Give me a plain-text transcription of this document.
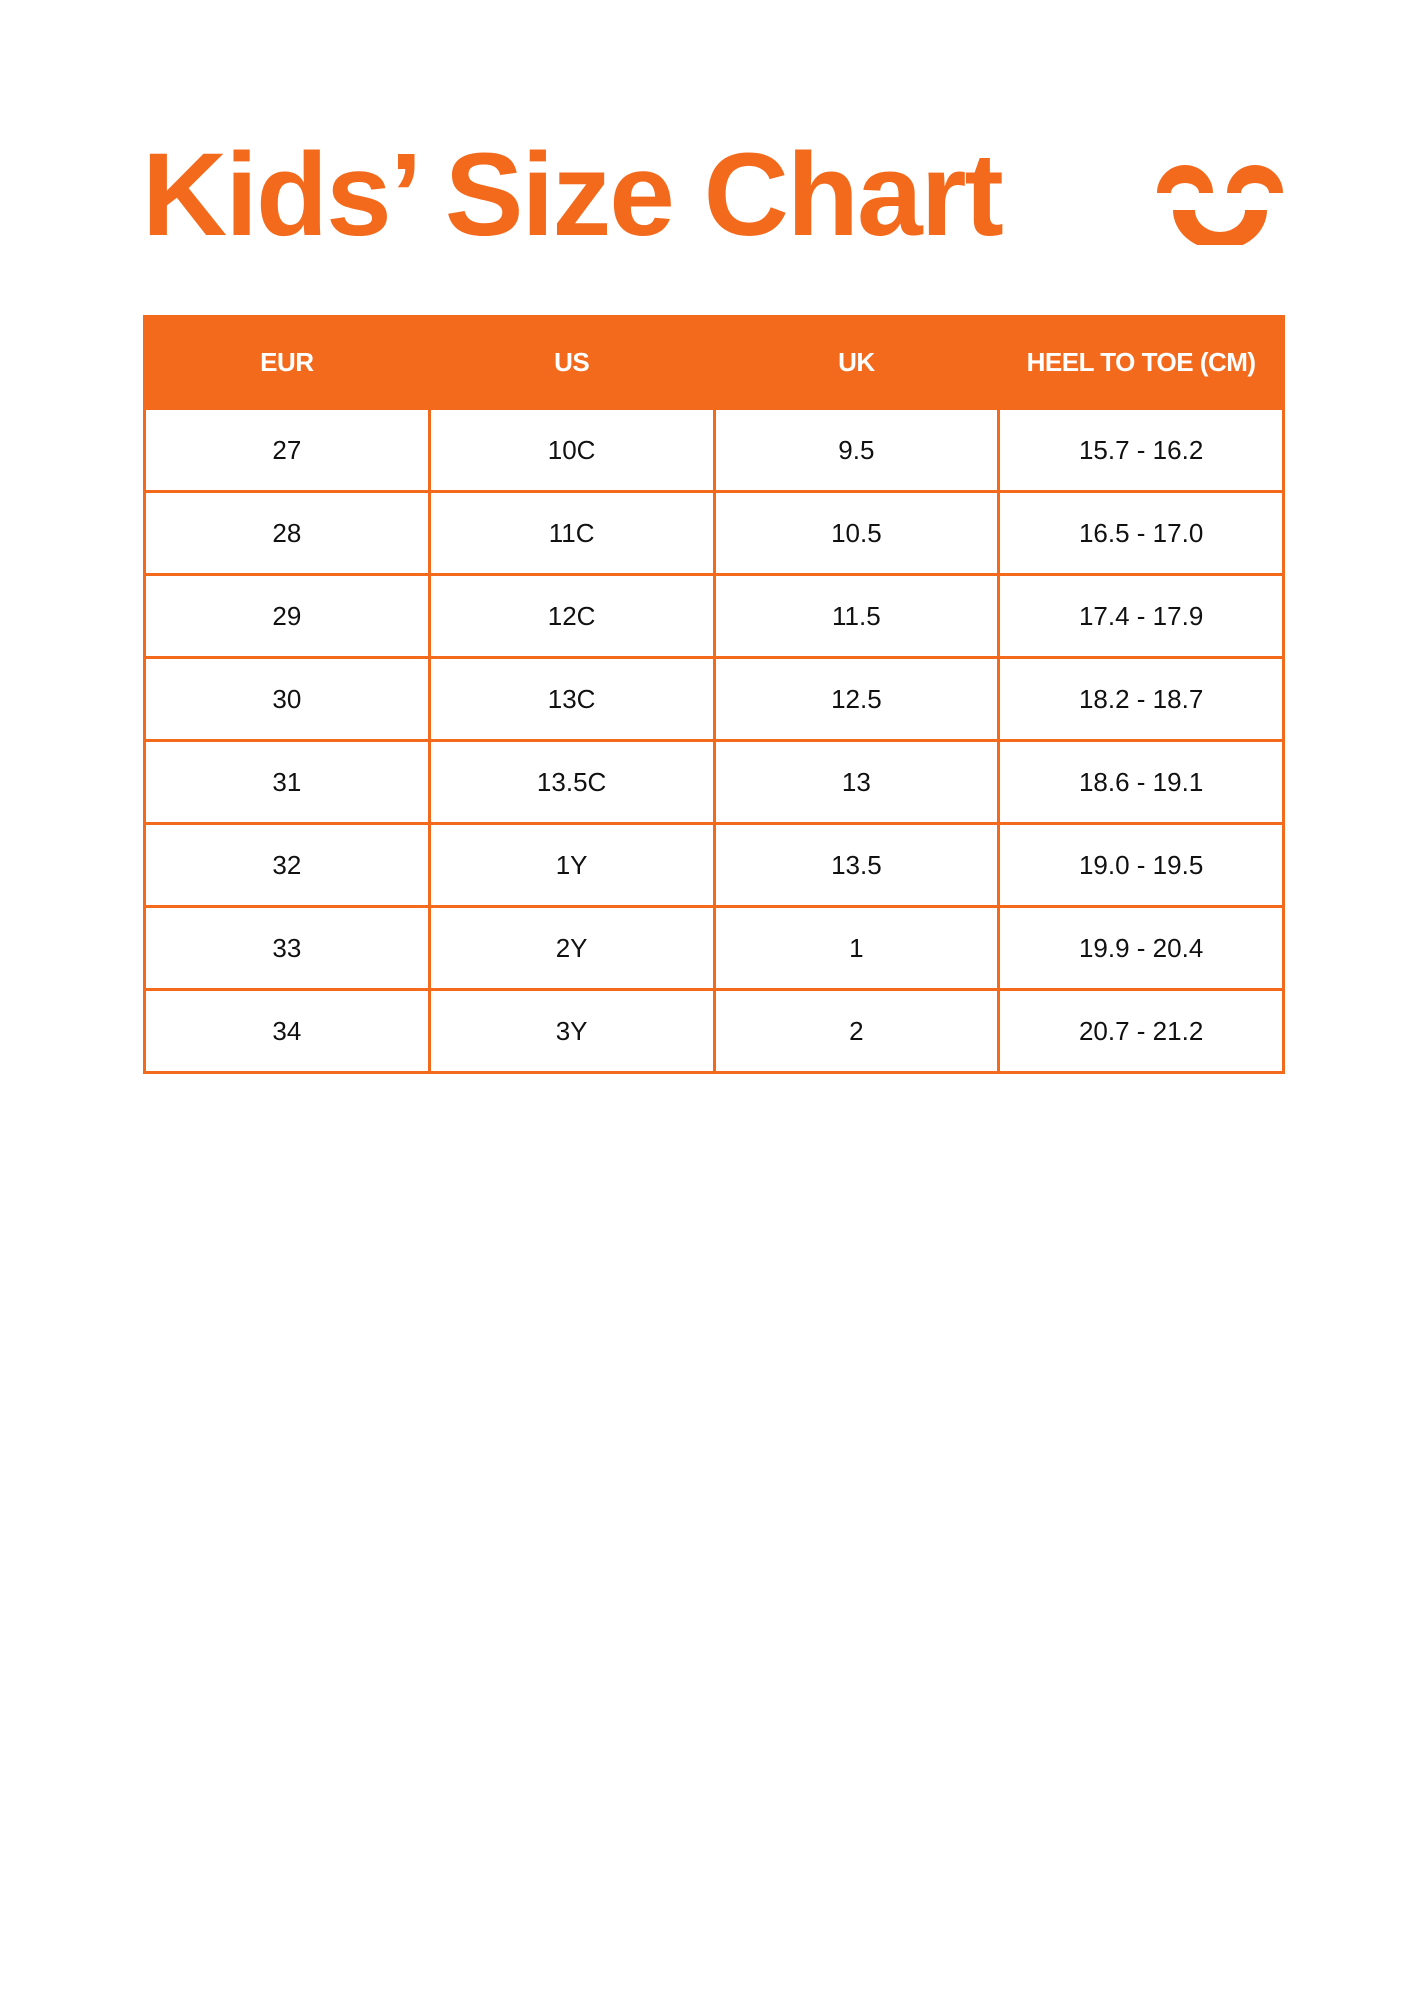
Kids’ Size Chart
EUR	US	UK	HEEL TO TOE (CM)
27	10C	9.5	15.7 - 16.2
28	11C	10.5	16.5 - 17.0
29	12C	11.5	17.4 - 17.9
30	13C	12.5	18.2 - 18.7
31	13.5C	13	18.6 - 19.1
32	1Y	13.5	19.0 - 19.5
33	2Y	1	19.9 - 20.4
34	3Y	2	20.7 - 21.2
